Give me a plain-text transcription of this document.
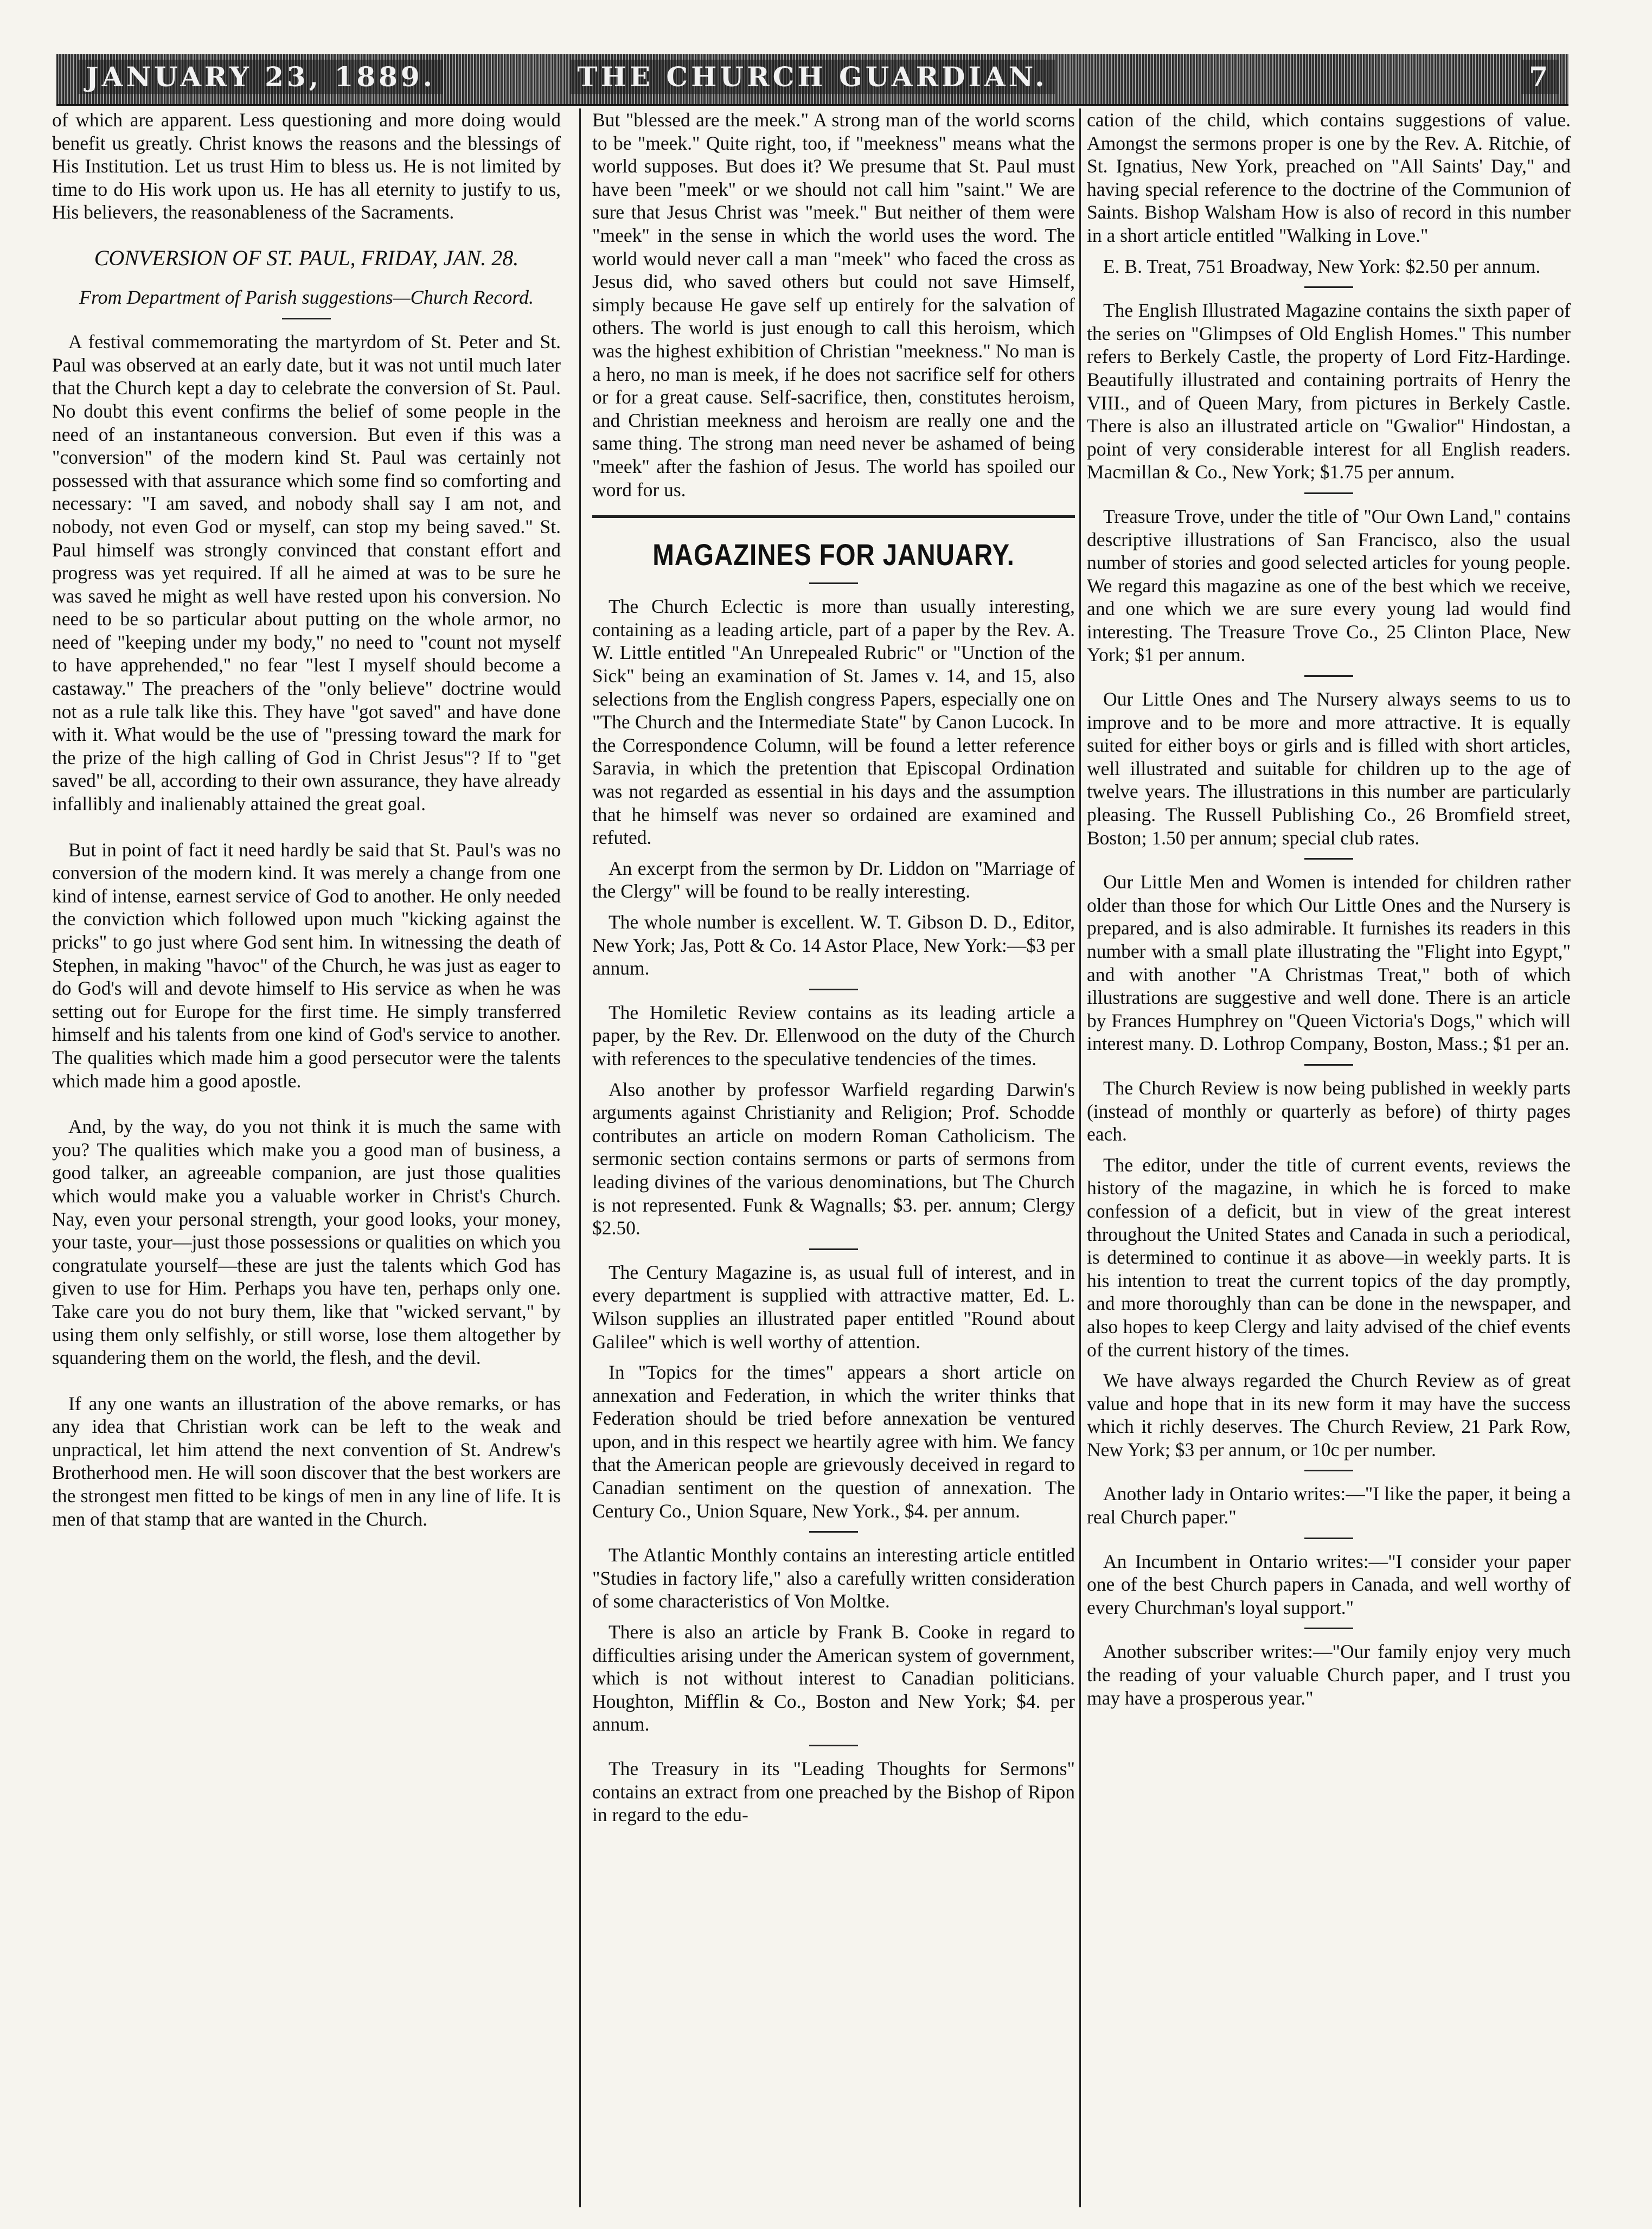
JANUARY 23, 1889.	THE CHURCH GUARDIAN.	7

of which are apparent. Less questioning and more doing would benefit us greatly. Christ knows the reasons and the blessings of His Institution. Let us trust Him to bless us. He is not limited by time to do His work upon us. He has all eternity to justify to us, His believers, the reasonableness of the Sacraments.

CONVERSION OF ST. PAUL, FRIDAY, JAN. 28.
From Department of Parish suggestions—Church Record.

A festival commemorating the martyrdom of St. Peter and St. Paul was observed at an early date, but it was not until much later that the Church kept a day to celebrate the conversion of St. Paul. No doubt this event confirms the belief of some people in the need of an instantaneous conversion. But even if this was a "conversion" of the modern kind St. Paul was certainly not possessed with that assurance which some find so comforting and necessary: "I am saved, and nobody shall say I am not, and nobody, not even God or myself, can stop my being saved." St. Paul himself was strongly convinced that constant effort and progress was yet required. If all he aimed at was to be sure he was saved he might as well have rested upon his conversion. No need to be so particular about putting on the whole armor, no need of "keeping under my body," no need to "count not myself to have apprehended," no fear "lest I myself should become a castaway." The preachers of the "only believe" doctrine would not as a rule talk like this. They have "got saved" and have done with it. What would be the use of "pressing toward the mark for the prize of the high calling of God in Christ Jesus"? If to "get saved" be all, according to their own assurance, they have already infallibly and inalienably attained the great goal.

But in point of fact it need hardly be said that St. Paul's was no conversion of the modern kind. It was merely a change from one kind of intense, earnest service of God to another. He only needed the conviction which followed upon much "kicking against the pricks" to go just where God sent him. In witnessing the death of Stephen, in making "havoc" of the Church, he was just as eager to do God's will and devote himself to His service as when he was setting out for Europe for the first time. He simply transferred himself and his talents from one kind of God's service to another. The qualities which made him a good persecutor were the talents which made him a good apostle.

And, by the way, do you not think it is much the same with you? The qualities which make you a good man of business, a good talker, an agreeable companion, are just those qualities which would make you a valuable worker in Christ's Church. Nay, even your personal strength, your good looks, your money, your taste, your—just those possessions or qualities on which you congratulate yourself—these are just the talents which God has given to use for Him. Perhaps you have ten, perhaps only one. Take care you do not bury them, like that "wicked servant," by using them only selfishly, or still worse, lose them altogether by squandering them on the world, the flesh, and the devil.

If any one wants an illustration of the above remarks, or has any idea that Christian work can be left to the weak and unpractical, let him attend the next convention of St. Andrew's Brotherhood men. He will soon discover that the best workers are the strongest men fitted to be kings of men in any line of life. It is men of that stamp that are wanted in the Church.

But "blessed are the meek." A strong man of the world scorns to be "meek." Quite right, too, if "meekness" means what the world supposes. But does it? We presume that St. Paul must have been "meek" or we should not call him "saint." We are sure that Jesus Christ was "meek." But neither of them were "meek" in the sense in which the world uses the word. The world would never call a man "meek" who faced the cross as Jesus did, who saved others but could not save Himself, simply because He gave self up entirely for the salvation of others. The world is just enough to call this heroism, which was the highest exhibition of Christian "meekness." No man is a hero, no man is meek, if he does not sacrifice self for others or for a great cause. Self-sacrifice, then, constitutes heroism, and Christian meekness and heroism are really one and the same thing. The strong man need never be ashamed of being "meek" after the fashion of Jesus. The world has spoiled our word for us.

MAGAZINES FOR JANUARY.

The Church Eclectic is more than usually interesting, containing as a leading article, part of a paper by the Rev. A. W. Little entitled "An Unrepealed Rubric" or "Unction of the Sick" being an examination of St. James v. 14, and 15, also selections from the English congress Papers, especially one on "The Church and the Intermediate State" by Canon Lucock. In the Correspondence Column, will be found a letter reference Saravia, in which the pretention that Episcopal Ordination was not regarded as essential in his days and the assumption that he himself was never so ordained are examined and refuted.

An excerpt from the sermon by Dr. Liddon on "Marriage of the Clergy" will be found to be really interesting.

The whole number is excellent. W. T. Gibson D. D., Editor, New York; Jas, Pott & Co. 14 Astor Place, New York:—$3 per annum.

The Homiletic Review contains as its leading article a paper, by the Rev. Dr. Ellenwood on the duty of the Church with references to the speculative tendencies of the times.

Also another by professor Warfield regarding Darwin's arguments against Christianity and Religion; Prof. Schodde contributes an article on modern Roman Catholicism. The sermonic section contains sermons or parts of sermons from leading divines of the various denominations, but The Church is not represented. Funk & Wagnalls; $3. per. annum; Clergy $2.50.

The Century Magazine is, as usual full of interest, and in every department is supplied with attractive matter, Ed. L. Wilson supplies an illustrated paper entitled "Round about Galilee" which is well worthy of attention.

In "Topics for the times" appears a short article on annexation and Federation, in which the writer thinks that Federation should be tried before annexation be ventured upon, and in this respect we heartily agree with him. We fancy that the American people are grievously deceived in regard to Canadian sentiment on the question of annexation. The Century Co., Union Square, New York., $4. per annum.

The Atlantic Monthly contains an interesting article entitled "Studies in factory life," also a carefully written consideration of some characteristics of Von Moltke.

There is also an article by Frank B. Cooke in regard to difficulties arising under the American system of government, which is not without interest to Canadian politicians. Houghton, Mifflin & Co., Boston and New York; $4. per annum.

The Treasury in its "Leading Thoughts for Sermons" contains an extract from one preached by the Bishop of Ripon in regard to the edu-

cation of the child, which contains suggestions of value. Amongst the sermons proper is one by the Rev. A. Ritchie, of St. Ignatius, New York, preached on "All Saints' Day," and having special reference to the doctrine of the Communion of Saints. Bishop Walsham How is also of record in this number in a short article entitled "Walking in Love."

E. B. Treat, 751 Broadway, New York: $2.50 per annum.

The English Illustrated Magazine contains the sixth paper of the series on "Glimpses of Old English Homes." This number refers to Berkely Castle, the property of Lord Fitz-Hardinge. Beautifully illustrated and containing portraits of Henry the VIII., and of Queen Mary, from pictures in Berkely Castle. There is also an illustrated article on "Gwalior" Hindostan, a point of very considerable interest for all English readers. Macmillan & Co., New York; $1.75 per annum.

Treasure Trove, under the title of "Our Own Land," contains descriptive illustrations of San Francisco, also the usual number of stories and good selected articles for young people. We regard this magazine as one of the best which we receive, and one which we are sure every young lad would find interesting. The Treasure Trove Co., 25 Clinton Place, New York; $1 per annum.

Our Little Ones and The Nursery always seems to us to improve and to be more and more attractive. It is equally suited for either boys or girls and is filled with short articles, well illustrated and suitable for children up to the age of twelve years. The illustrations in this number are particularly pleasing. The Russell Publishing Co., 26 Bromfield street, Boston; 1.50 per annum; special club rates.

Our Little Men and Women is intended for children rather older than those for which Our Little Ones and the Nursery is prepared, and is also admirable. It furnishes its readers in this number with a small plate illustrating the "Flight into Egypt," and with another "A Christmas Treat," both of which illustrations are suggestive and well done. There is an article by Frances Humphrey on "Queen Victoria's Dogs," which will interest many. D. Lothrop Company, Boston, Mass.; $1 per an.

The Church Review is now being published in weekly parts (instead of monthly or quarterly as before) of thirty pages each.

The editor, under the title of current events, reviews the history of the magazine, in which he is forced to make confession of a deficit, but in view of the great interest throughout the United States and Canada in such a periodical, is determined to continue it as above—in weekly parts. It is his intention to treat the current topics of the day promptly, and more thoroughly than can be done in the newspaper, and also hopes to keep Clergy and laity advised of the chief events of the current history of the times.

We have always regarded the Church Review as of great value and hope that in its new form it may have the success which it richly deserves. The Church Review, 21 Park Row, New York; $3 per annum, or 10c per number.

Another lady in Ontario writes:—"I like the paper, it being a real Church paper."

An Incumbent in Ontario writes:—"I consider your paper one of the best Church papers in Canada, and well worthy of every Churchman's loyal support."

Another subscriber writes:—"Our family enjoy very much the reading of your valuable Church paper, and I trust you may have a prosperous year."
